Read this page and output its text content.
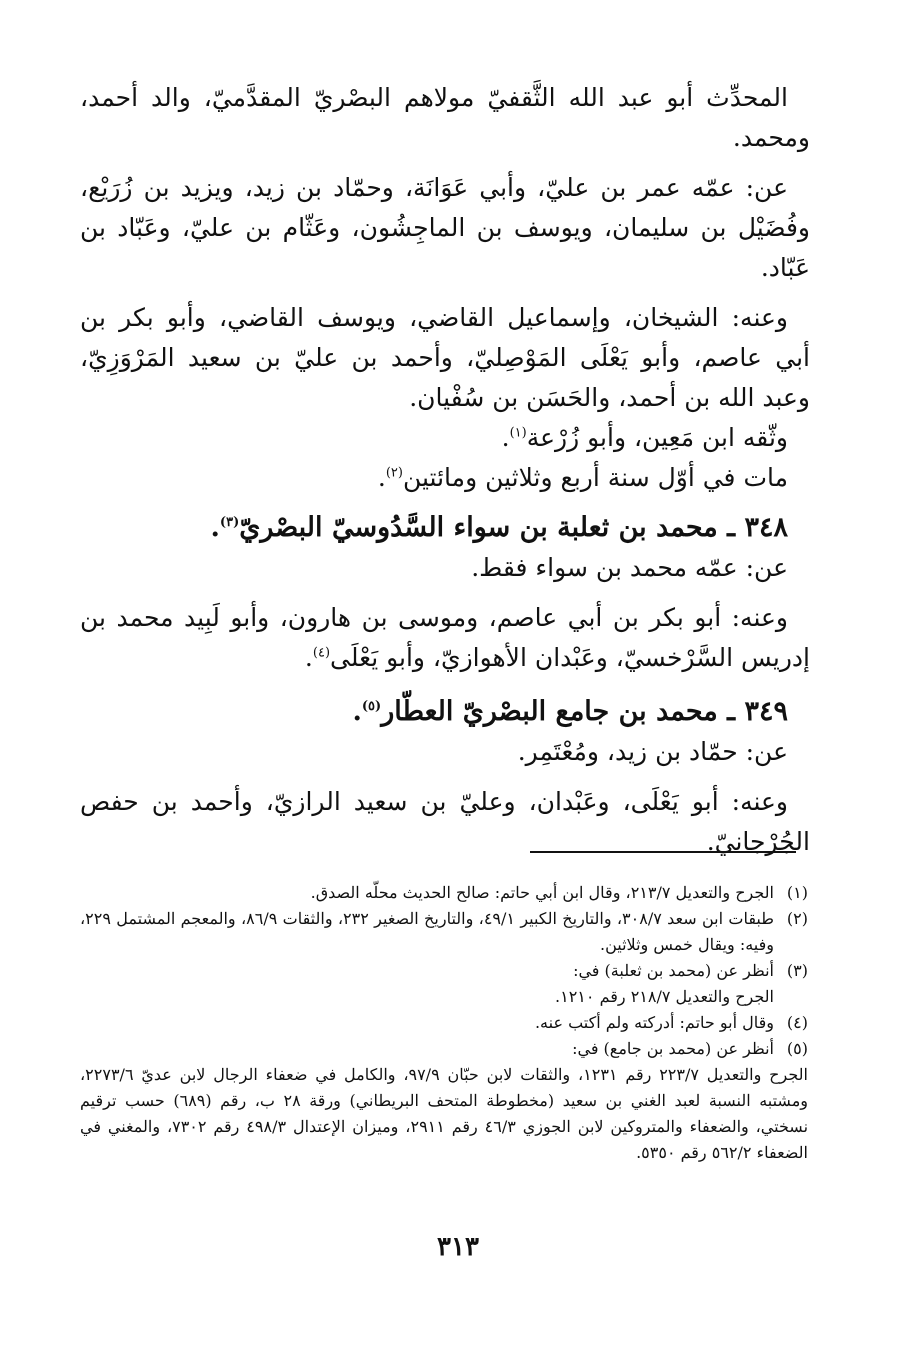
المحدِّث أبو عبد الله الثَّقفيّ مولاهم البصْريّ المقدَّميّ، والد أحمد، ومحمد.

عن: عمّه عمر بن عليّ، وأبي عَوَانَة، وحمّاد بن زيد، ويزيد بن زُرَيْع، وفُضَيْل بن سليمان، ويوسف بن الماجِشُون، وعَثّام بن عليّ، وعَبّاد بن عَبّاد.

وعنه: الشيخان، وإسماعيل القاضي، ويوسف القاضي، وأبو بكر بن أبي عاصم، وأبو يَعْلَى المَوْصِليّ، وأحمد بن عليّ بن سعيد المَرْوَزِيّ، وعبد الله بن أحمد، والحَسَن بن سُفْيان.

وثّقه ابن مَعِين، وأبو زُرْعة$^{(١)}$.

مات في أوّل سنة أربع وثلاثين ومائتين$^{(٢)}$.

٣٤٨ ـ محمد بن ثعلبة بن سواء السَّدُوسيّ البصْريّ$^{(٣)}$.

عن: عمّه محمد بن سواء فقط.

وعنه: أبو بكر بن أبي عاصم، وموسى بن هارون، وأبو لَبِيد محمد بن إدريس السَّرْخسيّ، وعَبْدان الأهوازيّ، وأبو يَعْلَى$^{(٤)}$.

٣٤٩ ـ محمد بن جامع البصْريّ العطّار$^{(٥)}$.

عن: حمّاد بن زيد، ومُعْتَمِر.

وعنه: أبو يَعْلَى، وعَبْدان، وعليّ بن سعيد الرازيّ، وأحمد بن حفص الجُرْجانيّ.

(١)
الجرح والتعديل ٢١٣/٧، وقال ابن أبي حاتم: صالح الحديث محلّه الصدق.
(٢)
طبقات ابن سعد ٣٠٨/٧، والتاريخ الكبير ٤٩/١، والتاريخ الصغير ٢٣٢، والثقات ٨٦/٩، والمعجم المشتمل ٢٢٩، وفيه: ويقال خمس وثلاثين.
(٣)
أنظر عن (محمد بن ثعلبة) في:
الجرح والتعديل ٢١٨/٧ رقم ١٢١٠.
(٤)
وقال أبو حاتم: أدركته ولم أكتب عنه.
(٥)
أنظر عن (محمد بن جامع) في:
الجرح والتعديل ٢٢٣/٧ رقم ١٢٣١، والثقات لابن حبّان ٩٧/٩، والكامل في ضعفاء الرجال لابن عديّ ٢٢٧٣/٦، ومشتبه النسبة لعبد الغني بن سعيد (مخطوطة المتحف البريطاني) ورقة ٢٨ ب، رقم (٦٨٩) حسب ترقيم نسختي، والضعفاء والمتروكين لابن الجوزي ٤٦/٣ رقم ٢٩١١، وميزان الإعتدال ٤٩٨/٣ رقم ٧٣٠٢، والمغني في الضعفاء ٥٦٢/٢ رقم ٥٣٥٠.
٣١٣
